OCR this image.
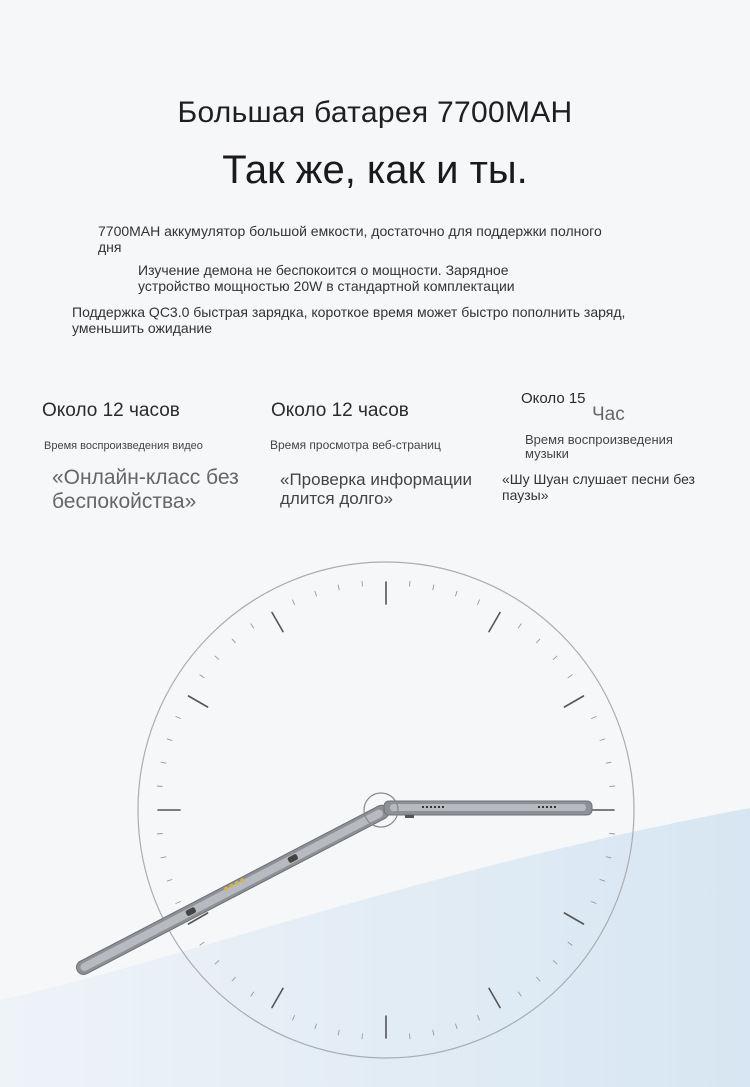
Большая батарея 7700MAH
Так же, как и ты.
7700MAH аккумулятор большой емкости, достаточно для поддержки полного дня
Изучение демона не беспокоится о мощности. Зарядное устройство мощностью 20W в стандартной комплектации
Поддержка QC3.0 быстрая зарядка, короткое время может быстро пополнить заряд, уменьшить ожидание
Около 12 часов
Время воспроизведения видео
«Онлайн-класс без беспокойства»
Около 12 часов
Время просмотра веб-страниц
«Проверка информации длится долго»
Около 15
Час
Время воспроизведения музыки
«Шу Шуан слушает песни без паузы»
